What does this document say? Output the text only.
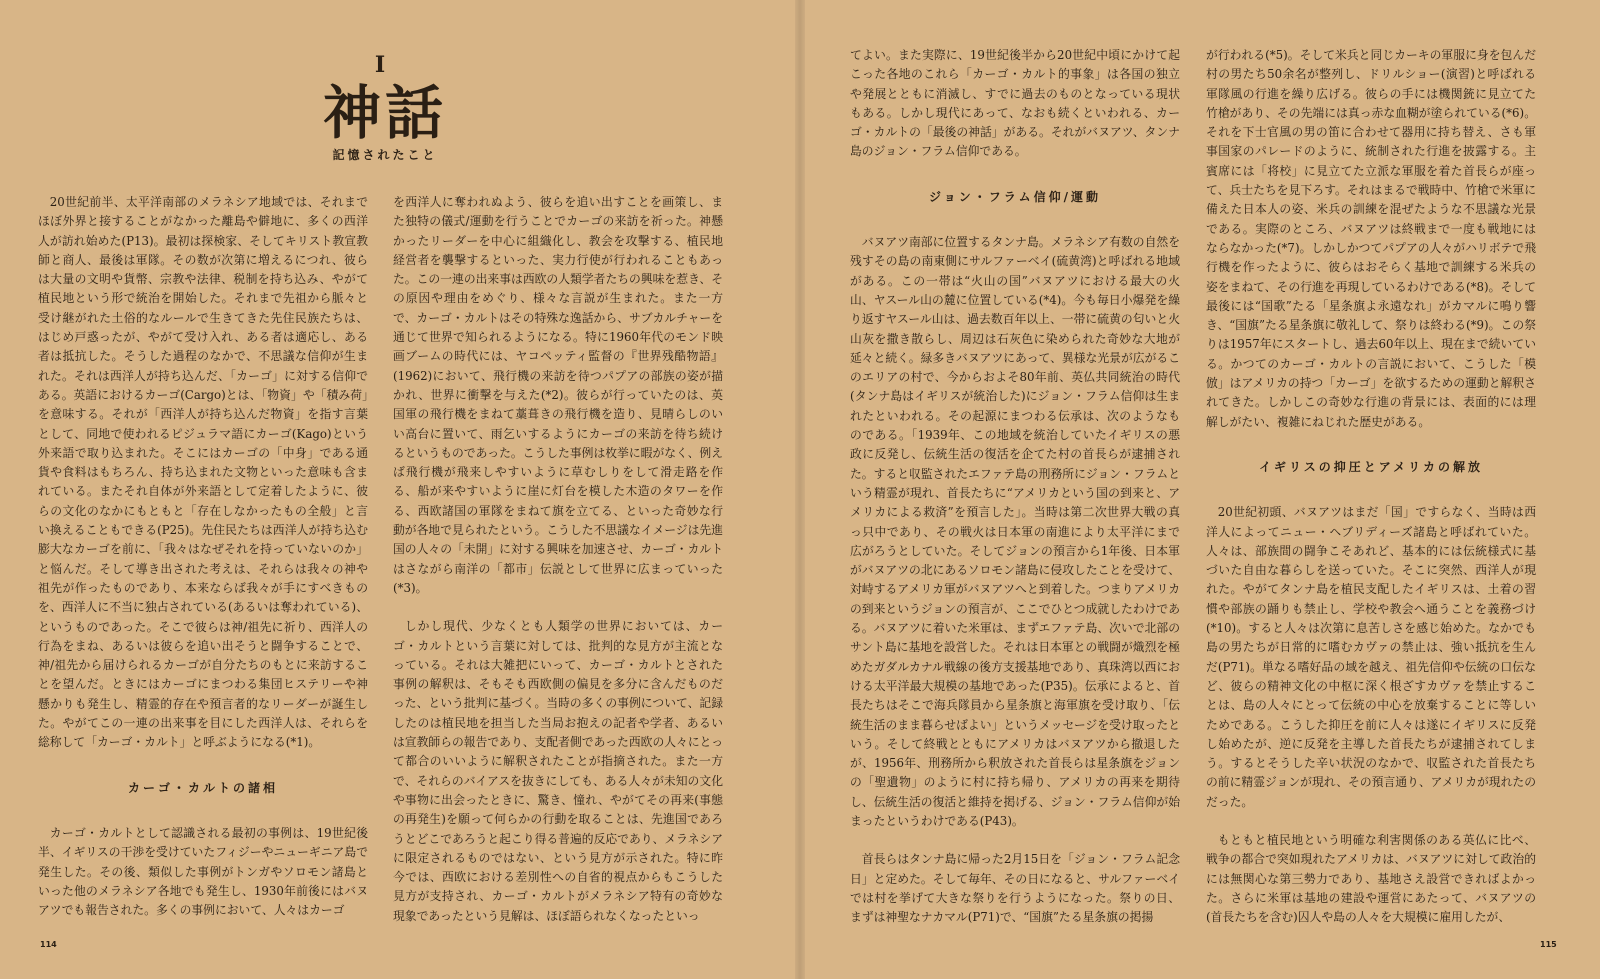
I
神話
記憶されたこと

20世紀前半、太平洋南部のメラネシア地域では、それまでほぼ外界と接することがなかった離島や僻地に、多くの西洋人が訪れ始めた(P13)。最初は探検家、そしてキリスト教宣教師と商人、最後は軍隊。その数が次第に増えるにつれ、彼らは大量の文明や貨幣、宗教や法律、税制を持ち込み、やがて植民地という形で統治を開始した。それまで先祖から脈々と受け継がれた土俗的なルールで生きてきた先住民族たちは、はじめ戸惑ったが、やがて受け入れ、ある者は適応し、ある者は抵抗した。そうした過程のなかで、不思議な信仰が生まれた。それは西洋人が持ち込んだ、「カーゴ」に対する信仰である。英語におけるカーゴ(Cargo)とは、「物資」や「積み荷」を意味する。それが「西洋人が持ち込んだ物資」を指す言葉として、同地で使われるピジュラマ語にカーゴ(Kago)という外来語で取り込まれた。そこにはカーゴの「中身」である通貨や食料はもちろん、持ち込まれた文物といった意味も含まれている。またそれ自体が外来語として定着したように、彼らの文化のなかにもともと「存在しなかったもの全般」と言い換えることもできる(P25)。先住民たちは西洋人が持ち込む膨大なカーゴを前に、「我々はなぜそれを持っていないのか」と悩んだ。そして導き出された考えは、それらは我々の神や祖先が作ったものであり、本来ならば我々が手にすべきものを、西洋人に不当に独占されている(あるいは奪われている)、というものであった。そこで彼らは神/祖先に祈り、西洋人の行為をまね、あるいは彼らを追い出そうと闘争することで、神/祖先から届けられるカーゴが自分たちのもとに来訪することを望んだ。ときにはカーゴにまつわる集団ヒステリーや神懸かりも発生し、精霊的存在や預言者的なリーダーが誕生した。やがてこの一連の出来事を目にした西洋人は、それらを総称して「カーゴ・カルト」と呼ぶようになる(*1)。

カーゴ・カルトの諸相

カーゴ・カルトとして認識される最初の事例は、19世紀後半、イギリスの干渉を受けていたフィジーやニューギニア島で発生した。その後、類似した事例がトンガやソロモン諸島といった他のメラネシア各地でも発生し、1930年前後にはバヌアツでも報告された。多くの事例において、人々はカーゴ

を西洋人に奪われぬよう、彼らを追い出すことを画策し、また独特の儀式/運動を行うことでカーゴの来訪を祈った。神懸かったリーダーを中心に組織化し、教会を攻撃する、植民地経営者を襲撃するといった、実力行使が行われることもあった。この一連の出来事は西欧の人類学者たちの興味を惹き、その原因や理由をめぐり、様々な言説が生まれた。また一方で、カーゴ・カルトはその特殊な逸話から、サブカルチャーを通じて世界で知られるようになる。特に1960年代のモンド映画ブームの時代には、ヤコペッティ監督の『世界残酷物語』(1962)において、飛行機の来訪を待つパプアの部族の姿が描かれ、世界に衝撃を与えた(*2)。彼らが行っていたのは、英国軍の飛行機をまねて藁葺きの飛行機を造り、見晴らしのいい高台に置いて、雨乞いするようにカーゴの来訪を待ち続けるというものであった。こうした事例は枚挙に暇がなく、例えば飛行機が飛来しやすいように草むしりをして滑走路を作る、船が来やすいように崖に灯台を模した木造のタワーを作る、西欧諸国の軍隊をまねて旗を立てる、といった奇妙な行動が各地で見られたという。こうした不思議なイメージは先進国の人々の「未開」に対する興味を加速させ、カーゴ・カルトはさながら南洋の「都市」伝説として世界に広まっていった(*3)。

しかし現代、少なくとも人類学の世界においては、カーゴ・カルトという言葉に対しては、批判的な見方が主流となっている。それは大雑把にいって、カーゴ・カルトとされた事例の解釈は、そもそも西欧側の偏見を多分に含んだものだった、という批判に基づく。当時の多くの事例について、記録したのは植民地を担当した当局お抱えの記者や学者、あるいは宣教師らの報告であり、支配者側であった西欧の人々にとって都合のいいように解釈されたことが指摘された。また一方で、それらのバイアスを抜きにしても、ある人々が未知の文化や事物に出会ったときに、驚き、憧れ、やがてその再来(事態の再発生)を願って何らかの行動を取ることは、先進国であろうとどこであろうと起こり得る普遍的反応であり、メラネシアに限定されるものではない、という見方が示された。特に昨今では、西欧における差別性への自省的視点からもこうした見方が支持され、カーゴ・カルトがメラネシア特有の奇妙な現象であったという見解は、ほぼ語られなくなったといっ

114

てよい。また実際に、19世紀後半から20世紀中頃にかけて起こった各地のこれら「カーゴ・カルト的事象」は各国の独立や発展とともに消滅し、すでに過去のものとなっている現状もある。しかし現代にあって、なおも続くといわれる、カーゴ・カルトの「最後の神話」がある。それがバヌアツ、タンナ島のジョン・フラム信仰である。

ジョン・フラム信仰/運動

バヌアツ南部に位置するタンナ島。メラネシア有数の自然を残すその島の南東側にサルファーベイ(硫黄湾)と呼ばれる地域がある。この一帯は“火山の国”バヌアツにおける最大の火山、ヤスール山の麓に位置している(*4)。今も毎日小爆発を繰り返すヤスール山は、過去数百年以上、一帯に硫黄の匂いと火山灰を撒き散らし、周辺は石灰色に染められた奇妙な大地が延々と続く。緑多きバヌアツにあって、異様な光景が広がるこのエリアの村で、今からおよそ80年前、英仏共同統治の時代(タンナ島はイギリスが統治した)にジョン・フラム信仰は生まれたといわれる。その起源にまつわる伝承は、次のようなものである。「1939年、この地域を統治していたイギリスの悪政に反発し、伝統生活の復活を企てた村の首長らが逮捕された。すると収監されたエファテ島の刑務所にジョン・フラムという精霊が現れ、首長たちに“アメリカという国の到来と、アメリカによる救済”を預言した」。当時は第二次世界大戦の真っ只中であり、その戦火は日本軍の南進により太平洋にまで広がろうとしていた。そしてジョンの預言から1年後、日本軍がバヌアツの北にあるソロモン諸島に侵攻したことを受けて、対峙するアメリカ軍がバヌアツへと到着した。つまりアメリカの到来というジョンの預言が、ここでひとつ成就したわけである。バヌアツに着いた米軍は、まずエファテ島、次いで北部のサント島に基地を設営した。それは日本軍との戦闘が熾烈を極めたガダルカナル戦線の後方支援基地であり、真珠湾以西における太平洋最大規模の基地であった(P35)。伝承によると、首長たちはそこで海兵隊員から星条旗と海軍旗を受け取り、「伝統生活のまま暮らせばよい」というメッセージを受け取ったという。そして終戦とともにアメリカはバヌアツから撤退したが、1956年、刑務所から釈放された首長らは星条旗をジョンの「聖遺物」のように村に持ち帰り、アメリカの再来を期待し、伝統生活の復活と維持を掲げる、ジョン・フラム信仰が始まったというわけである(P43)。

首長らはタンナ島に帰った2月15日を「ジョン・フラム記念日」と定めた。そして毎年、その日になると、サルファーベイでは村を挙げて大きな祭りを行うようになった。祭りの日、まずは神聖なナカマル(P71)で、“国旗”たる星条旗の掲揚

が行われる(*5)。そして米兵と同じカーキの軍服に身を包んだ村の男たち50余名が整列し、ドリルショー(演習)と呼ばれる軍隊風の行進を繰り広げる。彼らの手には機関銃に見立てた竹槍があり、その先端には真っ赤な血糊が塗られている(*6)。それを下士官風の男の笛に合わせて器用に持ち替え、さも軍事国家のパレードのように、統制された行進を披露する。主賓席には「将校」に見立てた立派な軍服を着た首長らが座って、兵士たちを見下ろす。それはまるで戦時中、竹槍で米軍に備えた日本人の姿、米兵の訓練を混ぜたような不思議な光景である。実際のところ、バヌアツは終戦まで一度も戦地にはならなかった(*7)。しかしかつてパプアの人々がハリボテで飛行機を作ったように、彼らはおそらく基地で訓練する米兵の姿をまねて、その行進を再現しているわけである(*8)。そして最後には“国歌”たる「星条旗よ永遠なれ」がカマルに鳴り響き、“国旗”たる星条旗に敬礼して、祭りは終わる(*9)。この祭りは1957年にスタートし、過去60年以上、現在まで続いている。かつてのカーゴ・カルトの言説において、こうした「模倣」はアメリカの持つ「カーゴ」を欲するための運動と解釈されてきた。しかしこの奇妙な行進の背景には、表面的には理解しがたい、複雑にねじれた歴史がある。

イギリスの抑圧とアメリカの解放

20世紀初頭、バヌアツはまだ「国」ですらなく、当時は西洋人によってニュー・ヘブリディーズ諸島と呼ばれていた。人々は、部族間の闘争こそあれど、基本的には伝統様式に基づいた自由な暮らしを送っていた。そこに突然、西洋人が現れた。やがてタンナ島を植民支配したイギリスは、土着の習慣や部族の踊りも禁止し、学校や教会へ通うことを義務づけ(*10)。すると人々は次第に息苦しさを感じ始めた。なかでも島の男たちが日常的に嗜むカヴァの禁止は、強い抵抗を生んだ(P71)。単なる嗜好品の域を越え、祖先信仰や伝統の口伝など、彼らの精神文化の中枢に深く根ざすカヴァを禁止することは、島の人々にとって伝統の中心を放棄することに等しいためである。こうした抑圧を前に人々は遂にイギリスに反発し始めたが、逆に反発を主導した首長たちが逮捕されてしまう。するとそうした辛い状況のなかで、収監された首長たちの前に精霊ジョンが現れ、その預言通り、アメリカが現れたのだった。

もともと植民地という明確な利害関係のある英仏に比べ、戦争の都合で突如現れたアメリカは、バヌアツに対して政治的には無関心な第三勢力であり、基地さえ設営できればよかった。さらに米軍は基地の建設や運営にあたって、バヌアツの(首長たちを含む)囚人や島の人々を大規模に雇用したが、

115
